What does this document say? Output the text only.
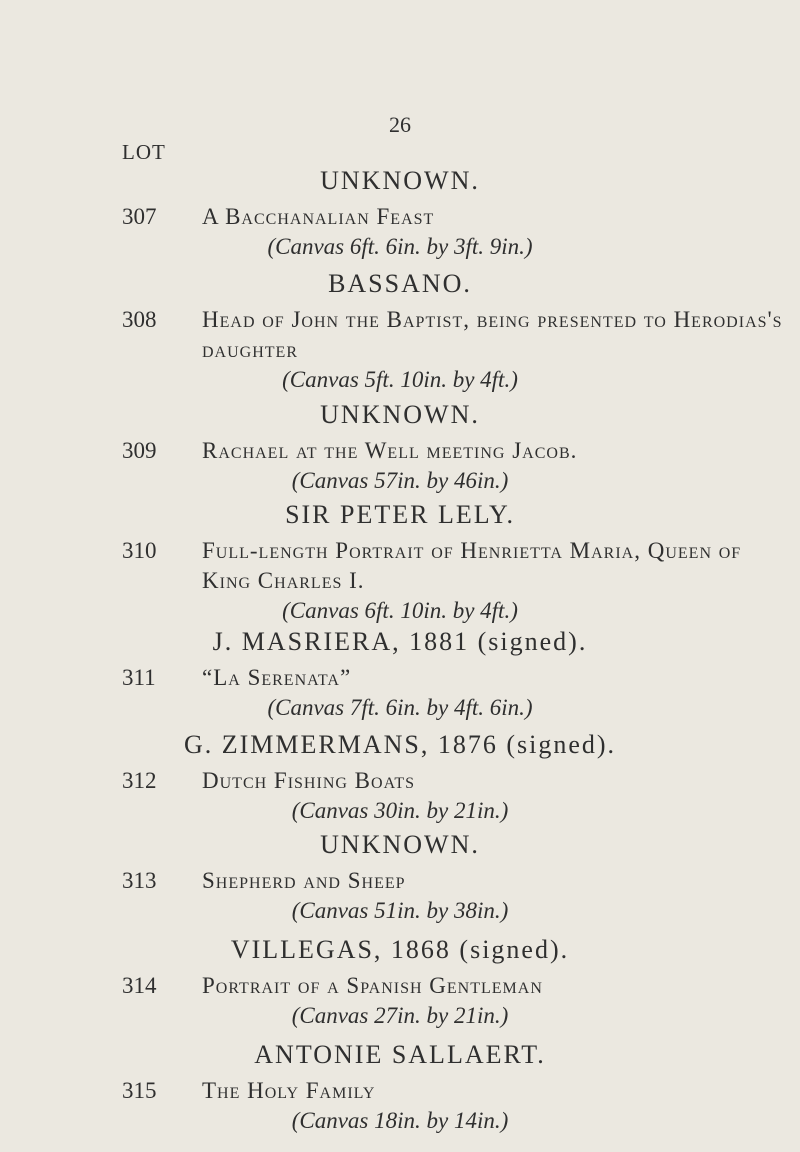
26
LOT
UNKNOWN.
307 A Bacchanalian Feast
(Canvas 6ft. 6in. by 3ft. 9in.)
BASSANO.
308 Head of John the Baptist, being presented to Herodias's daughter
(Canvas 5ft. 10in. by 4ft.)
UNKNOWN.
309 Rachael at the Well meeting Jacob.
(Canvas 57in. by 46in.)
SIR PETER LELY.
310 Full-length Portrait of Henrietta Maria, Queen of King Charles I.
(Canvas 6ft. 10in. by 4ft.)
J. MASRIERA, 1881 (signed).
311 “La Serenata”
(Canvas 7ft. 6in. by 4ft. 6in.)
G. ZIMMERMANS, 1876 (signed).
312 Dutch Fishing Boats
(Canvas 30in. by 21in.)
UNKNOWN.
313 Shepherd and Sheep
(Canvas 51in. by 38in.)
VILLEGAS, 1868 (signed).
314 Portrait of a Spanish Gentleman
(Canvas 27in. by 21in.)
ANTONIE SALLAERT.
315 The Holy Family
(Canvas 18in. by 14in.)
